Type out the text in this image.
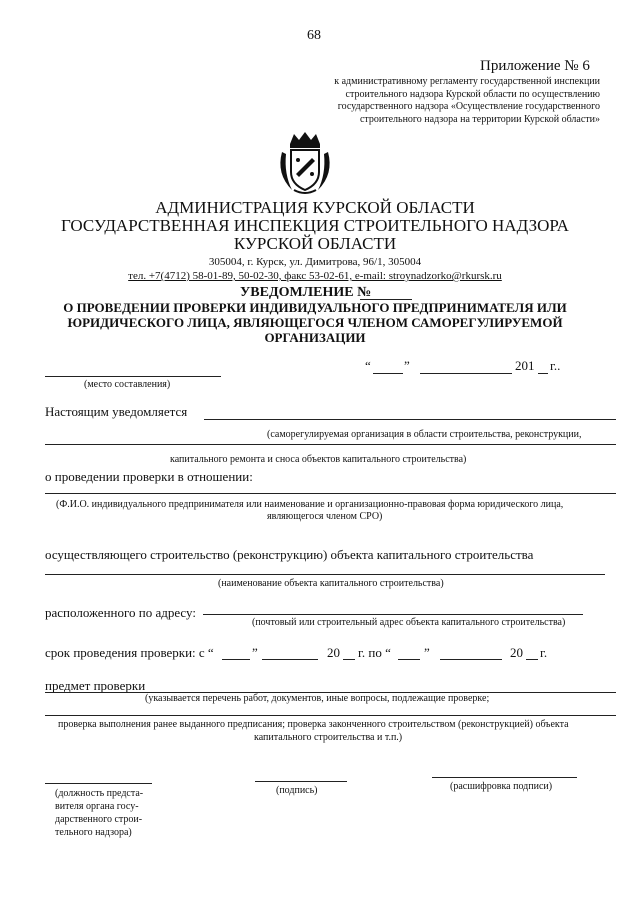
68
Приложение № 6
к административному регламенту государственной инспекции
строительного надзора Курской области по осуществлению
государственного надзора «Осуществление государственного
строительного надзора на территории Курской области»
АДМИНИСТРАЦИЯ КУРСКОЙ ОБЛАСТИ
ГОСУДАРСТВЕННАЯ ИНСПЕКЦИЯ СТРОИТЕЛЬНОГО НАДЗОРА
КУРСКОЙ ОБЛАСТИ
305004, г. Курск, ул. Димитрова, 96/1, 305004
тел. +7(4712) 58-01-89, 50-02-30, факс 53-02-61, e-mail: stroynadzorko@rkursk.ru
УВЕДОМЛЕНИЕ №
О ПРОВЕДЕНИИ ПРОВЕРКИ ИНДИВИДУАЛЬНОГО ПРЕДПРИНИМАТЕЛЯ ИЛИ
ЮРИДИЧЕСКОГО ЛИЦА, ЯВЛЯЮЩЕГОСЯ ЧЛЕНОМ САМОРЕГУЛИРУЕМОЙ
ОРГАНИЗАЦИИ
(место составления)
“	”	201 г..
Настоящим уведомляется
(саморегулируемая организация в области строительства, реконструкции,
капитального ремонта и сноса объектов капитального строительства)
о проведении проверки в отношении:
(Ф.И.О. индивидуального предпринимателя или наименование и организационно-правовая форма юридического лица,
являющегося членом СРО)
осуществляющего строительство (реконструкцию) объекта капитального строительства
(наименование объекта капитального строительства)
расположенного по адресу:
(почтовый или строительный адрес объекта капитального строительства)
срок проведения проверки: с “	”	20 г. по “	”	20 г.
предмет проверки
(указывается перечень работ, документов, иные вопросы, подлежащие проверке;
проверка выполнения ранее выданного предписания; проверка законченного строительством (реконструкцией) объекта
капитального строительства и т.п.)
(должность предста-
вителя органа госу-
дарственного строи-
тельного надзора)
(подпись)	(расшифровка подписи)
